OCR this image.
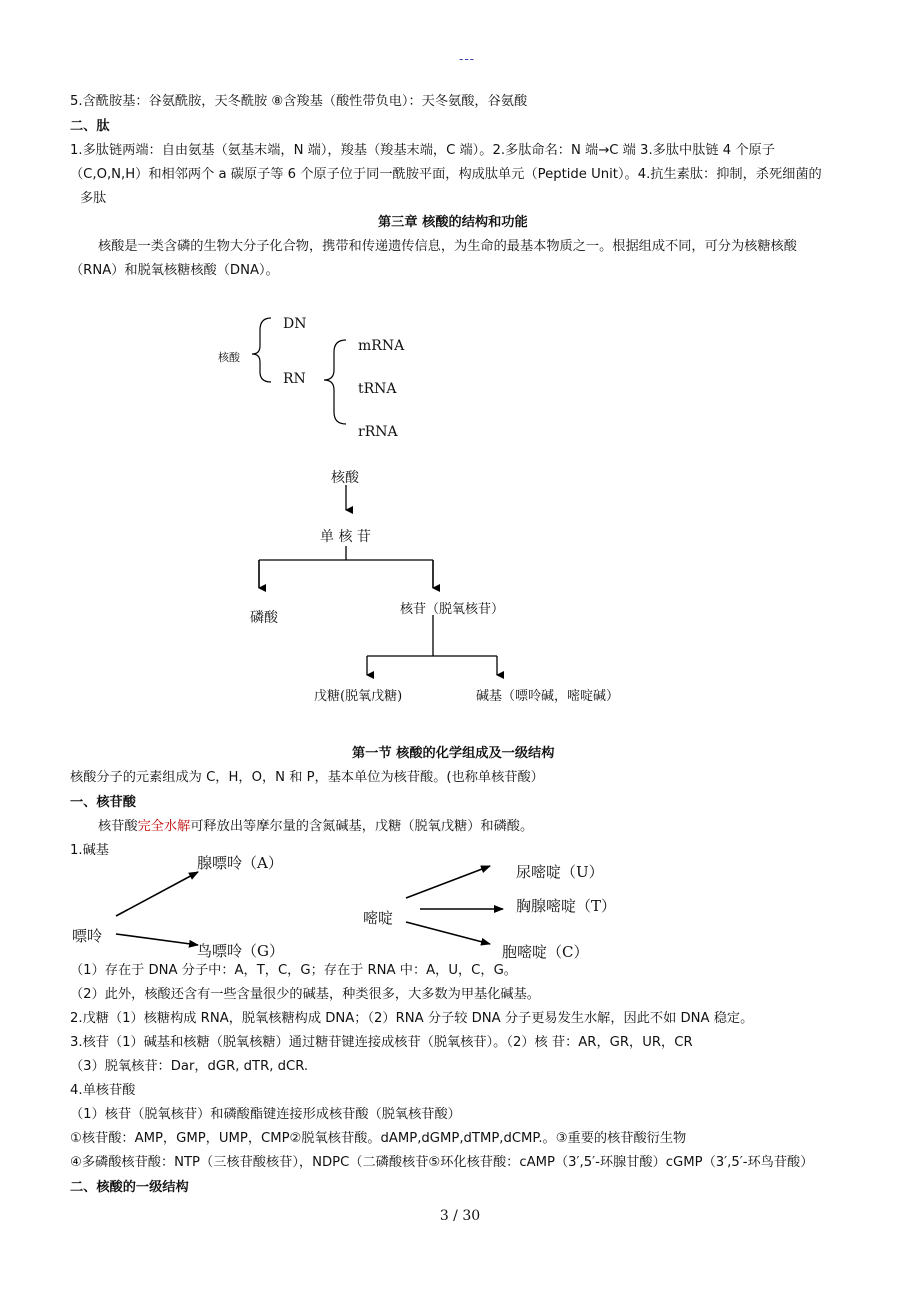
---
5.含酰胺基：谷氨酰胺，天冬酰胺 ⑧含羧基（酸性带负电）：天冬氨酸，谷氨酸
二、肽
1.多肽链两端：自由氨基（氨基末端，N 端），羧基（羧基末端，C 端）。2.多肽命名：N 端→C 端 3.多肽中肽链 4 个原子
（C,O,N,H）和相邻两个 a 碳原子等 6 个原子位于同一酰胺平面，构成肽单元（Peptide Unit）。4.抗生素肽：抑制，杀死细菌的
多肽
第三章 核酸的结构和功能
核酸是一类含磷的生物大分子化合物，携带和传递遗传信息，为生命的最基本物质之一。根据组成不同，可分为核糖核酸
（RNA）和脱氧核糖核酸（DNA）。
核酸
DN
RN
mRNA
tRNA
rRNA
核酸
单 核 苷
磷酸
核苷（脱氧核苷）
戊糖(脱氧戊糖)	碱基（嘌呤碱，嘧啶碱）
第一节 核酸的化学组成及一级结构
核酸分子的元素组成为 C，H，O，N 和 P，基本单位为核苷酸。(也称单核苷酸）
一、核苷酸
核苷酸完全水解可释放出等摩尔量的含氮碱基，戊糖（脱氧戊糖）和磷酸。
1.碱基
腺嘌呤（A）
嘌呤
鸟嘌呤（G）
嘧啶
尿嘧啶（U）
胸腺嘧啶（T）
胞嘧啶（C）
（1）存在于 DNA 分子中：A，T，C，G；存在于 RNA 中：A，U，C，G。
（2）此外，核酸还含有一些含量很少的碱基，种类很多，大多数为甲基化碱基。
2.戊糖（1）核糖构成 RNA，脱氧核糖构成 DNA；（2）RNA 分子较 DNA 分子更易发生水解，因此不如 DNA 稳定。
3.核苷（1）碱基和核糖（脱氧核糖）通过糖苷键连接成核苷（脱氧核苷）。（2）核 苷：AR，GR，UR，CR
（3）脱氧核苷：Dar，dGR, dTR, dCR.
4.单核苷酸
（1）核苷（脱氧核苷）和磷酸酯键连接形成核苷酸（脱氧核苷酸）
①核苷酸：AMP，GMP，UMP，CMP②脱氧核苷酸。dAMP,dGMP,dTMP,dCMP.。③重要的核苷酸衍生物
④多磷酸核苷酸：NTP（三核苷酸核苷），NDPC（二磷酸核苷⑤环化核苷酸：cAMP（3′,5′-环腺甘酸）cGMP（3′,5′-环鸟苷酸）
二、核酸的一级结构
3 / 30
